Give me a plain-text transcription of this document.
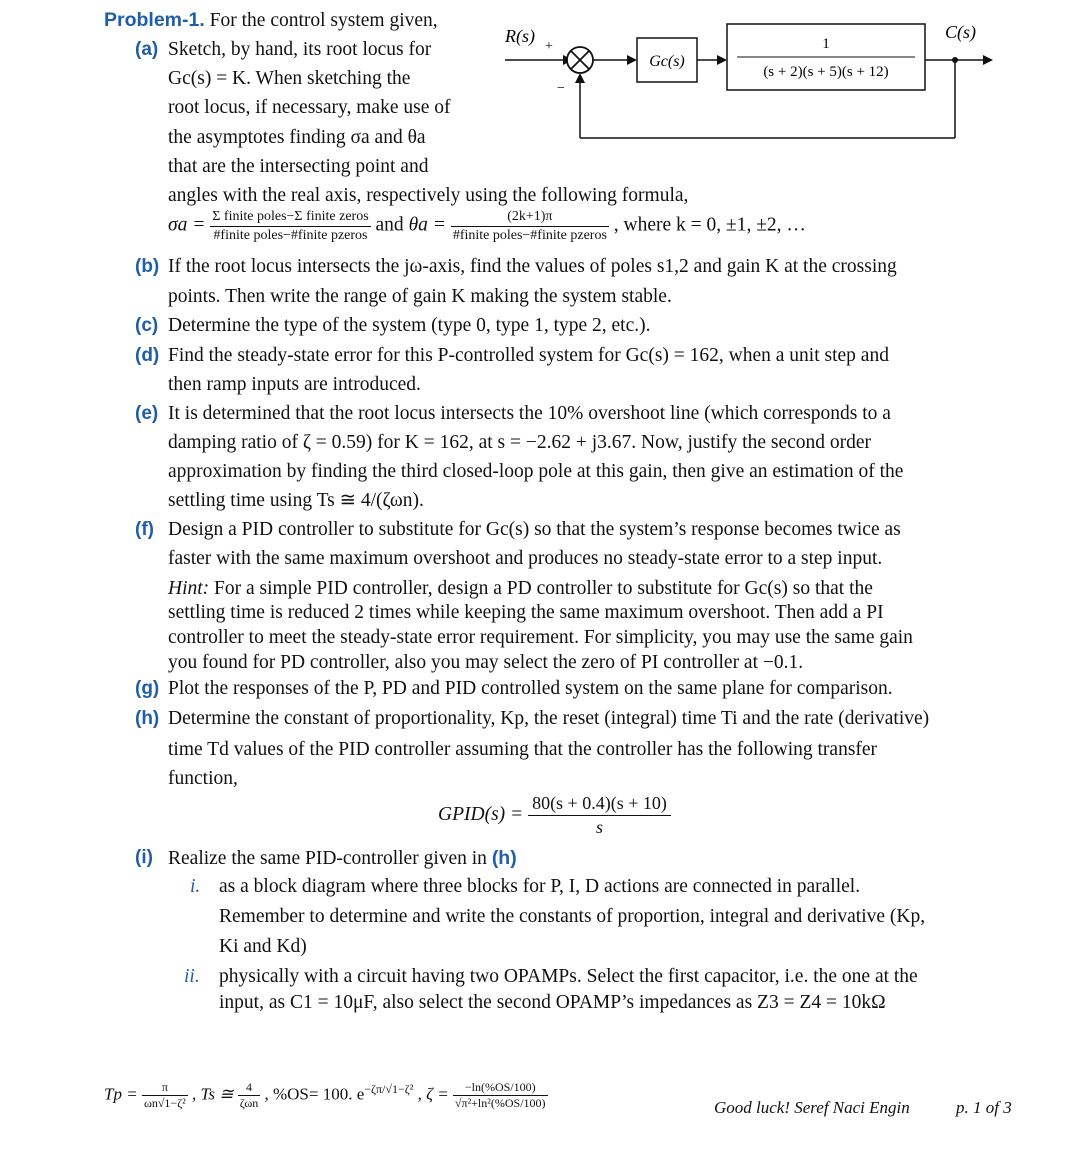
Problem-1. For the control system given,
R(s)
+
−
Gc(s)
1
(s + 2)(s + 5)(s + 12)
C(s)
(a) Sketch, by hand, its root locus for
Gc(s) = K. When sketching the
root locus, if necessary, make use of
the asymptotes finding σa and θa
that are the intersecting point and
angles with the real axis, respectively using the following formula,
$\sigma a = \frac{\text{Σ finite poles−Σ finite zeros}}{\text{\#finite poles−\#finite pzeros}}$ and $\theta a = \frac{(2k+1)\pi}{\text{\#finite poles−\#finite pzeros}}$ , where k = 0, ±1, ±2, …
(b) If the root locus intersects the jω-axis, find the values of poles s1,2 and gain K at the crossing
points. Then write the range of gain K making the system stable.
(c) Determine the type of the system (type 0, type 1, type 2, etc.).
(d) Find the steady-state error for this P-controlled system for Gc(s) = 162, when a unit step and
then ramp inputs are introduced.
(e) It is determined that the root locus intersects the 10% overshoot line (which corresponds to a
damping ratio of ζ = 0.59) for K = 162, at s = −2.62 + j3.67. Now, justify the second order
approximation by finding the third closed-loop pole at this gain, then give an estimation of the
settling time using Ts ≅ 4/(ζωn).
(f) Design a PID controller to substitute for Gc(s) so that the system’s response becomes twice as
faster with the same maximum overshoot and produces no steady-state error to a step input.
Hint: For a simple PID controller, design a PD controller to substitute for Gc(s) so that the
settling time is reduced 2 times while keeping the same maximum overshoot. Then add a PI
controller to meet the steady-state error requirement. For simplicity, you may use the same gain
you found for PD controller, also you may select the zero of PI controller at −0.1.
(g) Plot the responses of the P, PD and PID controlled system on the same plane for comparison.
(h) Determine the constant of proportionality, Kp, the reset (integral) time Ti and the rate (derivative)
time Td values of the PID controller assuming that the controller has the following transfer
function,
GPID(s) = $\frac{80(s + 0.4)(s + 10)}{s}$
(i) Realize the same PID-controller given in (h)
i. as a block diagram where three blocks for P, I, D actions are connected in parallel.
Remember to determine and write the constants of proportion, integral and derivative (Kp,
Ki and Kd)
ii. physically with a circuit having two OPAMPs. Select the first capacitor, i.e. the one at the
input, as C1 = 10μF, also select the second OPAMP’s impedances as Z3 = Z4 = 10kΩ
$Tp = \frac{\pi}{\text{ωn√1−ζ²}}$ , Ts ≅ $\frac{4}{\text{ζωn}}$ , %OS= 100. $e^{-\zeta\pi/√1-\zeta^2}$ , $\zeta = \frac{-\ln(\%OS/100)}{\text{√π²+ln²(\%OS/100)}}$	Good luck! Seref Naci Engin	p. 1 of 3
